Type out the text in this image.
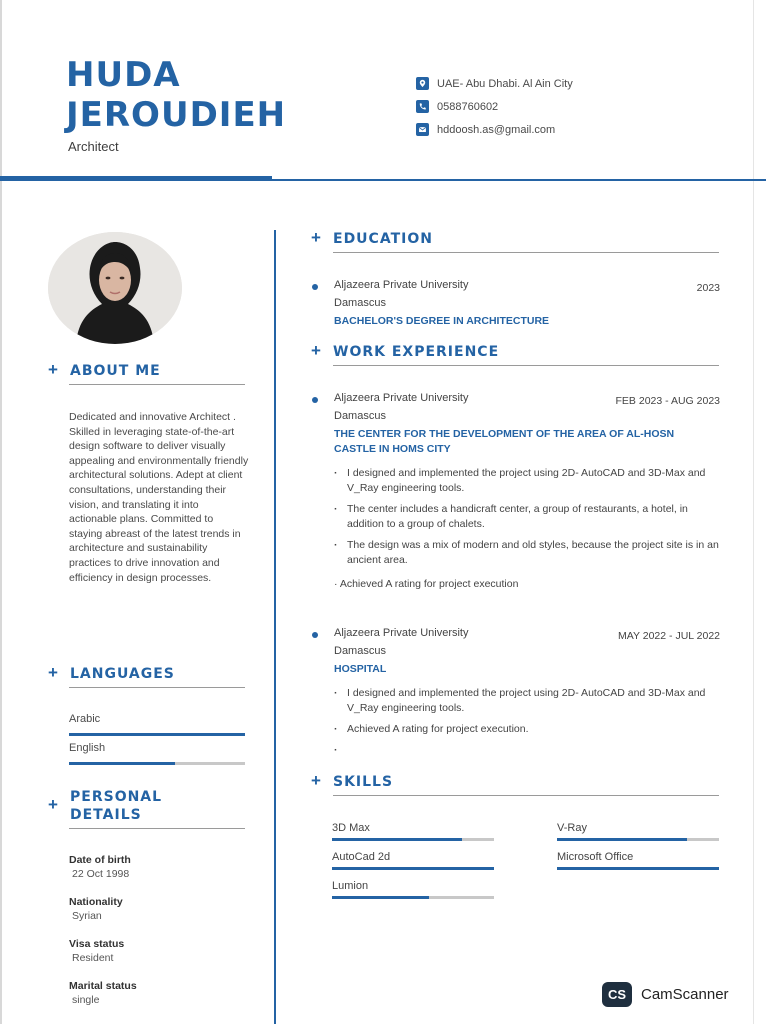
HUDA
JEROUDIEH
Architect
UAE- Abu Dhabi. Al Ain City
0588760602
hddoosh.as@gmail.com
+ ABOUT ME
Dedicated and innovative Architect . Skilled in leveraging state-of-the-art design software to deliver visually appealing and environmentally friendly architectural solutions. Adept at client consultations, understanding their vision, and translating it into actionable plans. Committed to staying abreast of the latest trends in architecture and sustainability practices to drive innovation and efficiency in design processes.
+ LANGUAGES
Arabic
English
+ PERSONAL
DETAILS
Date of birth
22 Oct 1998
Nationality
Syrian
Visa status
Resident
Marital status
single
+ EDUCATION
Aljazeera Private University	2023
Damascus
BACHELOR'S DEGREE IN ARCHITECTURE
+ WORK EXPERIENCE
Aljazeera Private University	FEB 2023 - AUG 2023
Damascus
THE CENTER FOR THE DEVELOPMENT OF THE AREA OF AL-HOSN CASTLE IN HOMS CITY
· I designed and implemented the project using 2D- AutoCAD and 3D-Max and V_Ray engineering tools.
· The center includes a handicraft center, a group of restaurants, a hotel, in addition to a group of chalets.
· The design was a mix of modern and old styles, because the project site is in an ancient area.
· Achieved A rating for project execution
Aljazeera Private University	MAY 2022 - JUL 2022
Damascus
HOSPITAL
· I designed and implemented the project using 2D- AutoCAD and 3D-Max and V_Ray engineering tools.
· Achieved A rating for project execution.
·
+ SKILLS
3D Max	V-Ray
AutoCad 2d	Microsoft Office
Lumion
CS CamScanner
